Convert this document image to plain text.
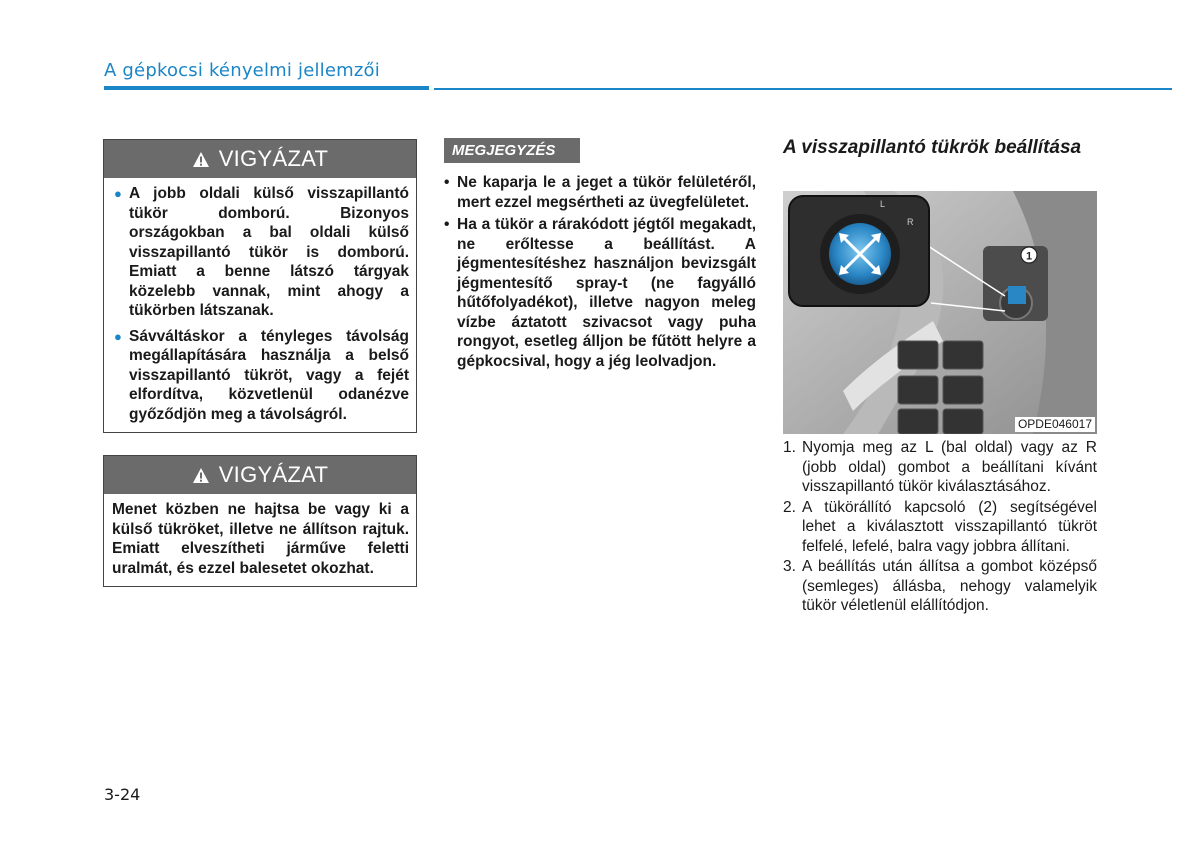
A gépkocsi kényelmi jellemzői
VIGYÁZAT
● A jobb oldali külső visszapillantó tükör domború. Bizonyos országokban a bal oldali külső visszapillantó tükör is domború. Emiatt a benne látszó tárgyak közelebb vannak, mint ahogy a tükörben látszanak.
● Sávváltáskor a tényleges távolság megállapítására használja a belső visszapillantó tükröt, vagy a fejét elfordítva, közvetlenül odanézve győződjön meg a távolságról.
VIGYÁZAT
Menet közben ne hajtsa be vagy ki a külső tükröket, illetve ne állítson rajtuk. Emiatt elveszítheti járműve feletti uralmát, és ezzel balesetet okozhat.
MEGJEGYZÉS
• Ne kaparja le a jeget a tükör felületéről, mert ezzel megsértheti az üvegfelületet.
• Ha a tükör a rárakódott jégtől megakadt, ne erőltesse a beállítást. A jégmentesítéshez használjon bevizsgált jégmentesítő spray-t (ne fagyálló hűtőfolyadékot), illetve nagyon meleg vízbe áztatott szivacsot vagy puha rongyot, esetleg álljon be fűtött helyre a gépkocsival, hogy a jég leolvadjon.
A visszapillantó tükrök beállítása
L
R
1
OPDE046017
1. Nyomja meg az L (bal oldal) vagy az R (jobb oldal) gombot a beállítani kívánt visszapillantó tükör kiválasztásához.
2. A tükörállító kapcsoló (2) segítségével lehet a kiválasztott visszapillantó tükröt felfelé, lefelé, balra vagy jobbra állítani.
3. A beállítás után állítsa a gombot középső (semleges) állásba, nehogy valamelyik tükör véletlenül elállítódjon.
3-24
